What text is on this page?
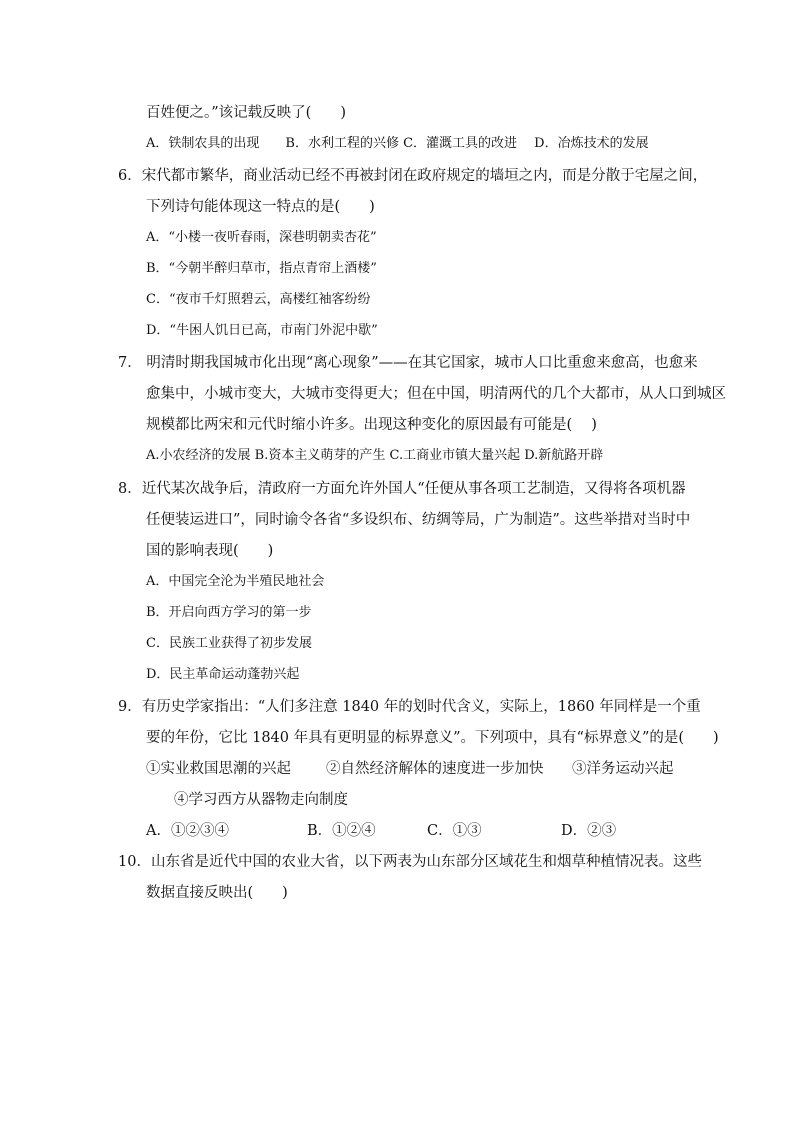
百姓便之。”该记载反映了(　　)
A．铁制农具的出现　　B．水利工程的兴修 C．灌溉工具的改进　 D．冶炼技术的发展
6．宋代都市繁华，商业活动已经不再被封闭在政府规定的墙垣之内，而是分散于宅屋之间，
下列诗句能体现这一特点的是(　　)
A．“小楼一夜听春雨，深巷明朝卖杏花”
B．“今朝半醉归草市，指点青帘上酒楼”
C．“夜市千灯照碧云，高楼红袖客纷纷
D．“牛困人饥日已高，市南门外泥中歇”
7． 明清时期我国城市化出现“离心现象”——在其它国家，城市人口比重愈来愈高，也愈来
愈集中，小城市变大，大城市变得更大；但在中国，明清两代的几个大都市，从人口到城区
规模都比两宋和元代时缩小许多。出现这种变化的原因最有可能是(　 )
A.小农经济的发展 B.资本主义萌芽的产生 C.工商业市镇大量兴起 D.新航路开辟
8．近代某次战争后，清政府一方面允许外国人“任便从事各项工艺制造，又得将各项机器
任便装运进口”，同时谕令各省“多设织布、纺绸等局，广为制造”。这些举措对当时中
国的影响表现(　　)
A．中国完全沦为半殖民地社会
B．开启向西方学习的第一步
C．民族工业获得了初步发展
D．民主革命运动蓬勃兴起
9．有历史学家指出：“人们多注意 1840 年的划时代含义，实际上，1860 年同样是一个重
要的年份，它比 1840 年具有更明显的标界意义”。下列项中，具有“标界意义”的是(　　)
①实业救国思潮的兴起 ②自然经济解体的速度进一步加快 ③洋务运动兴起
④学习西方从器物走向制度
A．①②③④	B．①②④	C．①③	D．②③
10．山东省是近代中国的农业大省，以下两表为山东部分区域花生和烟草种植情况表。这些
数据直接反映出(　　)
